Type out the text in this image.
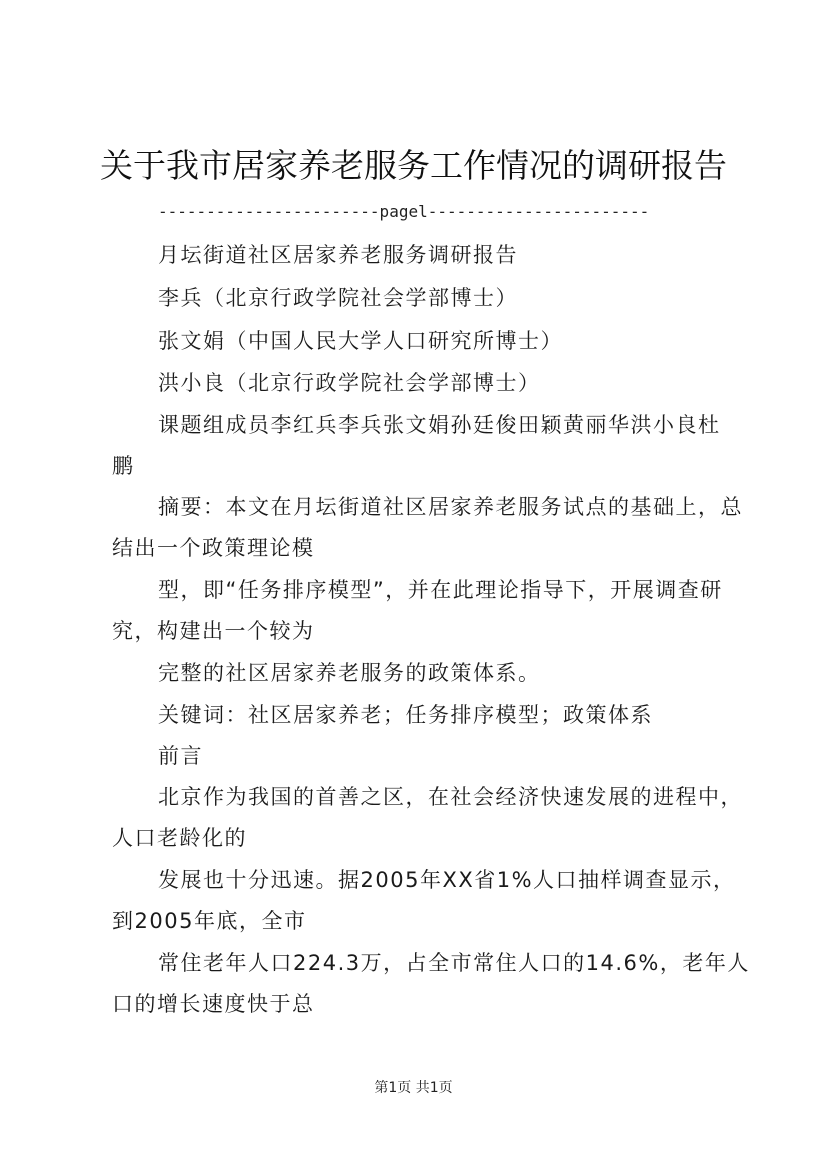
关于我市居家养老服务工作情况的调研报告
-----------------------pagel-----------------------
月坛街道社区居家养老服务调研报告
李兵（北京行政学院社会学部博士）
张文娟（中国人民大学人口研究所博士）
洪小良（北京行政学院社会学部博士）
课题组成员李红兵李兵张文娟孙廷俊田颖黄丽华洪小良杜
鹏
摘要：本文在月坛街道社区居家养老服务试点的基础上，总
结出一个政策理论模
型，即“任务排序模型”，并在此理论指导下，开展调查研
究，构建出一个较为
完整的社区居家养老服务的政策体系。
关键词：社区居家养老；任务排序模型；政策体系
前言
北京作为我国的首善之区，在社会经济快速发展的进程中，
人口老龄化的
发展也十分迅速。据2005年XX省1%人口抽样调查显示，
到2005年底，全市
常住老年人口224.3万，占全市常住人口的14.6%，老年人
口的增长速度快于总
第1页 共1页
